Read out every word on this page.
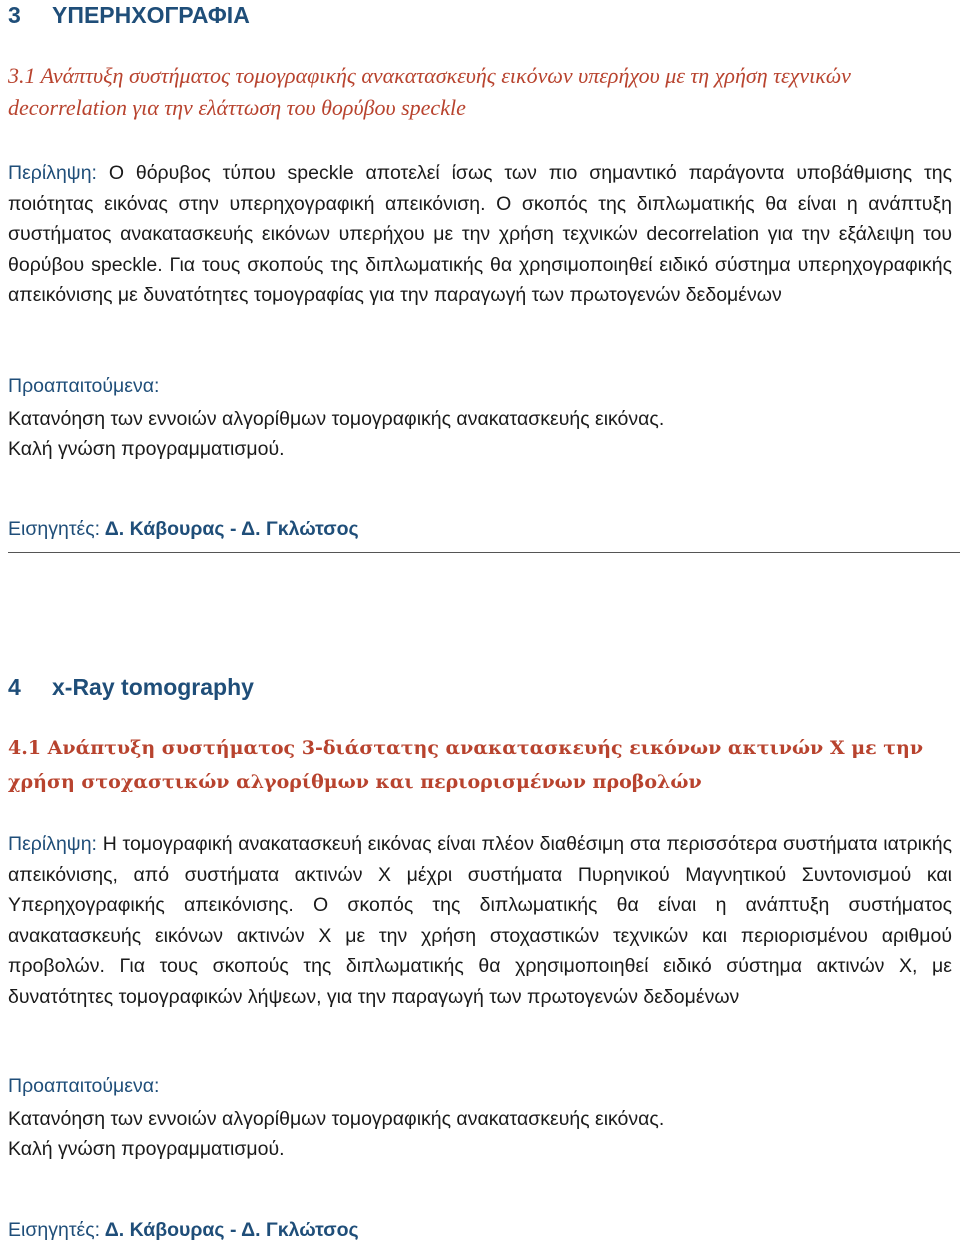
3	ΥΠΕΡΗΧΟΓΡΑΦΙΑ
3.1 Ανάπτυξη συστήματος τομογραφικής ανακατασκευής εικόνων υπερήχου με τη χρήση τεχνικών decorrelation για την ελάττωση του θορύβου speckle
Περίληψη: Ο θόρυβος τύπου speckle αποτελεί ίσως των πιο σημαντικό παράγοντα υποβάθμισης της ποιότητας εικόνας στην υπερηχογραφική απεικόνιση. Ο σκοπός της διπλωματικής θα είναι η ανάπτυξη συστήματος ανακατασκευής εικόνων υπερήχου με την χρήση τεχνικών decorrelation για την εξάλειψη του θορύβου speckle. Για τους σκοπούς της διπλωματικής θα χρησιμοποιηθεί ειδικό σύστημα υπερηχογραφικής απεικόνισης με δυνατότητες τομογραφίας για την παραγωγή των πρωτογενών δεδομένων
Προαπαιτούμενα:
Κατανόηση των εννοιών αλγορίθμων τομογραφικής ανακατασκευής εικόνας.
Καλή γνώση προγραμματισμού.
Εισηγητές: Δ. Κάβουρας - Δ. Γκλώτσος
4	x-Ray tomography
4.1 Ανάπτυξη συστήματος 3-διάστατης ανακατασκευής εικόνων ακτινών Χ με την χρήση στοχαστικών αλγορίθμων και περιορισμένων προβολών
Περίληψη: Η τομογραφική ανακατασκευή εικόνας είναι πλέον διαθέσιμη στα περισσότερα συστήματα ιατρικής απεικόνισης, από συστήματα ακτινών Χ μέχρι συστήματα Πυρηνικού Μαγνητικού Συντονισμού και Υπερηχογραφικής απεικόνισης. Ο σκοπός της διπλωματικής θα είναι η ανάπτυξη συστήματος ανακατασκευής εικόνων ακτινών Χ με την χρήση στοχαστικών τεχνικών και περιορισμένου αριθμού προβολών. Για τους σκοπούς της διπλωματικής θα χρησιμοποιηθεί ειδικό σύστημα ακτινών Χ, με δυνατότητες τομογραφικών λήψεων, για την παραγωγή των πρωτογενών δεδομένων
Προαπαιτούμενα:
Κατανόηση των εννοιών αλγορίθμων τομογραφικής ανακατασκευής εικόνας.
Καλή γνώση προγραμματισμού.
Εισηγητές: Δ. Κάβουρας - Δ. Γκλώτσος
